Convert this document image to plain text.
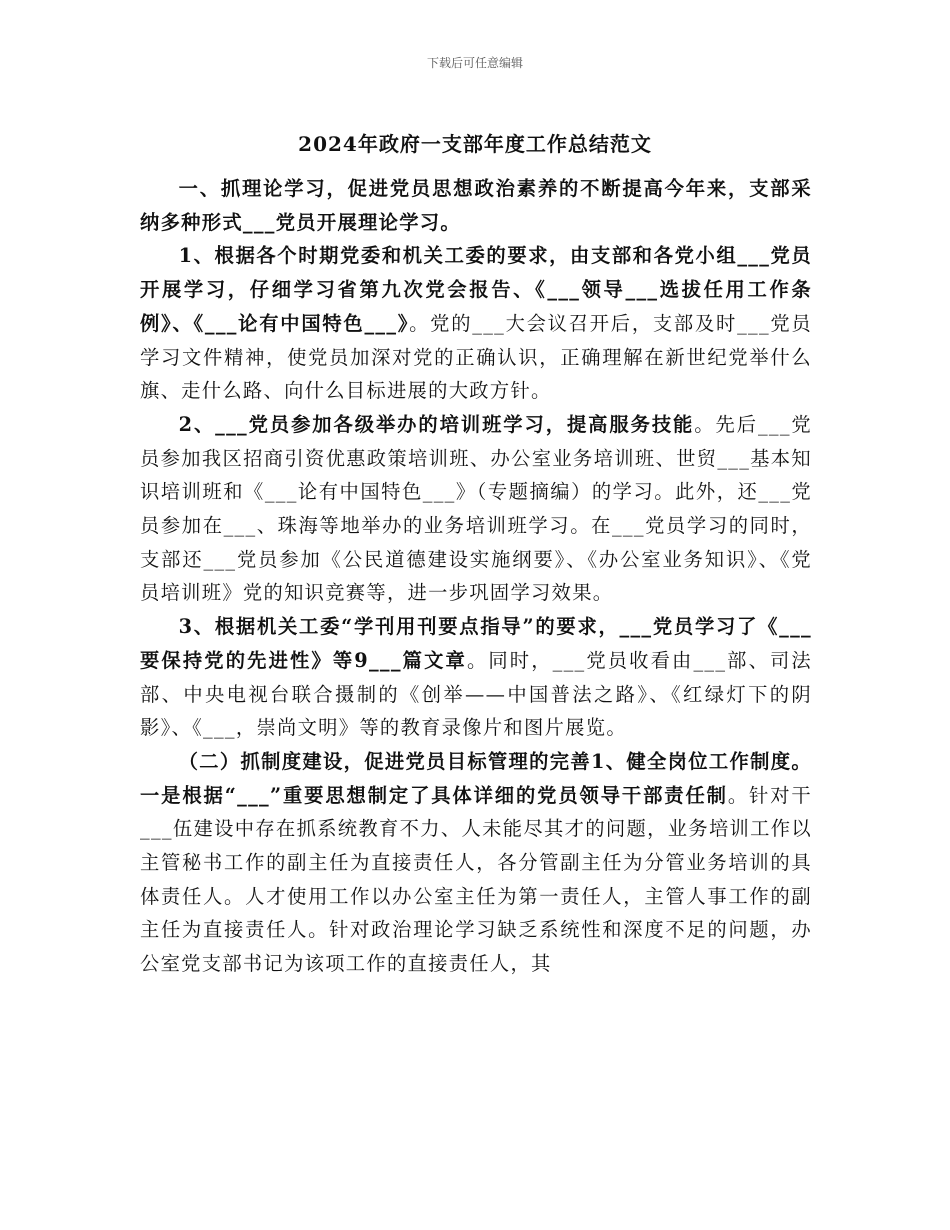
下载后可任意编辑
2024年政府一支部年度工作总结范文

一、抓理论学习，促进党员思想政治素养的不断提高今年来，支部采纳多种形式___党员开展理论学习。

1、根据各个时期党委和机关工委的要求，由支部和各党小组___党员开展学习，仔细学习省第九次党会报告、《___领导___选拔任用工作条例》、《___论有中国特色___》。党的___大会议召开后，支部及时___党员学习文件精神，使党员加深对党的正确认识，正确理解在新世纪党举什么旗、走什么路、向什么目标进展的大政方针。

2、___党员参加各级举办的培训班学习，提高服务技能。先后___党员参加我区招商引资优惠政策培训班、办公室业务培训班、世贸___基本知识培训班和《___论有中国特色___》（专题摘编）的学习。此外，还___党员参加在___、珠海等地举办的业务培训班学习。在___党员学习的同时，支部还___党员参加《公民道德建设实施纲要》、《办公室业务知识》、《党员培训班》党的知识竞赛等，进一步巩固学习效果。

3、根据机关工委“学刊用刊要点指导”的要求，___党员学习了《___要保持党的先进性》等9___篇文章。同时，___党员收看由___部、司法部、中央电视台联合摄制的《创举——中国普法之路》、《红绿灯下的阴影》、《___，崇尚文明》等的教育录像片和图片展览。

（二）抓制度建设，促进党员目标管理的完善1、健全岗位工作制度。一是根据“___”重要思想制定了具体详细的党员领导干部责任制。针对干___伍建设中存在抓系统教育不力、人未能尽其才的问题，业务培训工作以主管秘书工作的副主任为直接责任人，各分管副主任为分管业务培训的具体责任人。人才使用工作以办公室主任为第一责任人，主管人事工作的副主任为直接责任人。针对政治理论学习缺乏系统性和深度不足的问题，办公室党支部书记为该项工作的直接责任人，其
